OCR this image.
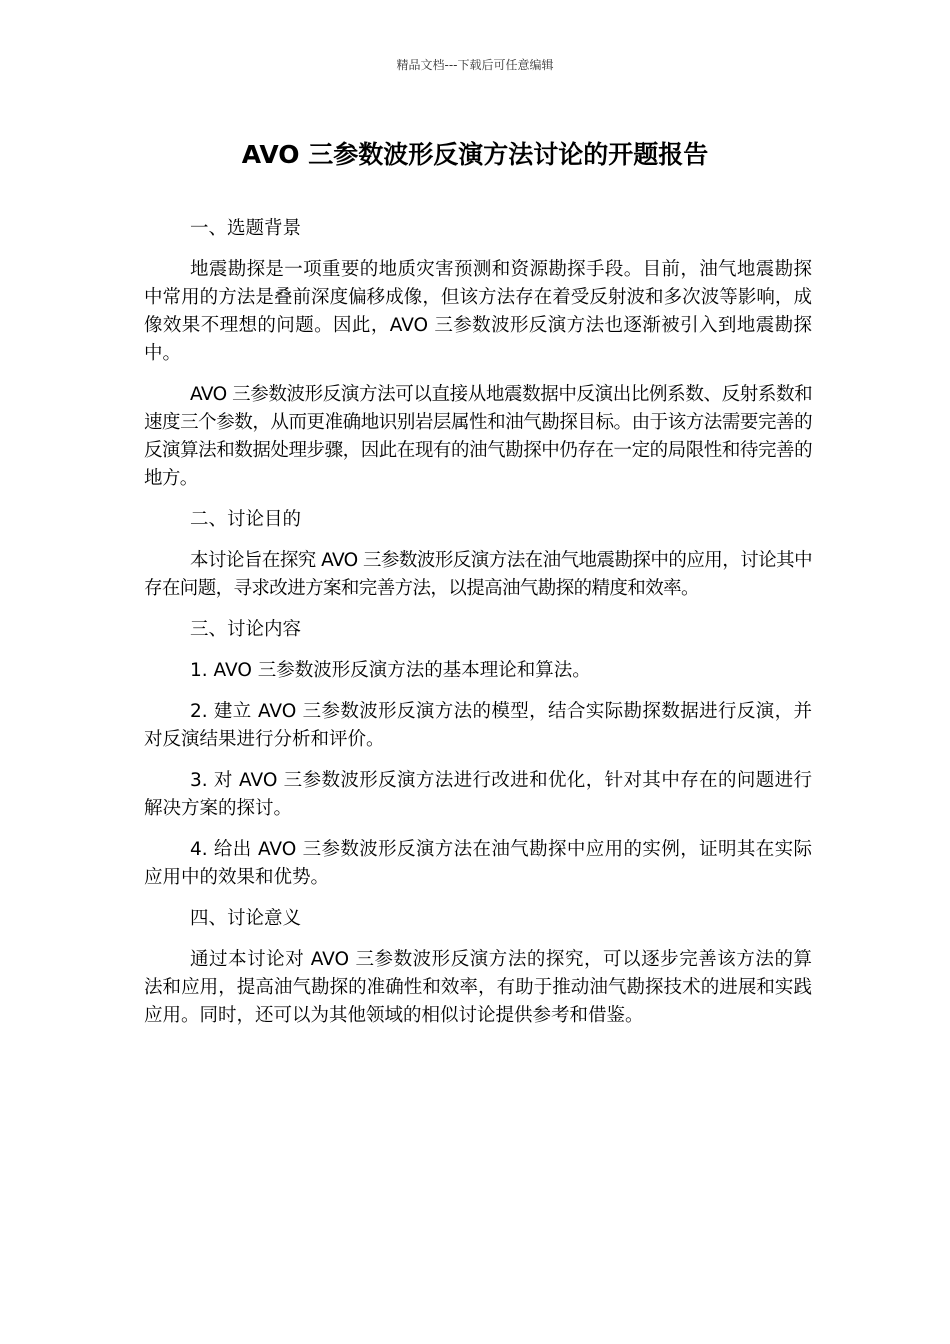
精品文档---下载后可任意编辑
AVO 三参数波形反演方法讨论的开题报告

一、选题背景

地震勘探是一项重要的地质灾害预测和资源勘探手段。目前，油气地震勘探中常用的方法是叠前深度偏移成像，但该方法存在着受反射波和多次波等影响，成像效果不理想的问题。因此，AVO 三参数波形反演方法也逐渐被引入到地震勘探中。

AVO 三参数波形反演方法可以直接从地震数据中反演出比例系数、反射系数和速度三个参数，从而更准确地识别岩层属性和油气勘探目标。由于该方法需要完善的反演算法和数据处理步骤，因此在现有的油气勘探中仍存在一定的局限性和待完善的地方。

二、讨论目的

本讨论旨在探究 AVO 三参数波形反演方法在油气地震勘探中的应用，讨论其中存在问题，寻求改进方案和完善方法，以提高油气勘探的精度和效率。

三、讨论内容

1. AVO 三参数波形反演方法的基本理论和算法。

2. 建立 AVO 三参数波形反演方法的模型，结合实际勘探数据进行反演，并对反演结果进行分析和评价。

3. 对 AVO 三参数波形反演方法进行改进和优化，针对其中存在的问题进行解决方案的探讨。

4. 给出 AVO 三参数波形反演方法在油气勘探中应用的实例，证明其在实际应用中的效果和优势。

四、讨论意义

通过本讨论对 AVO 三参数波形反演方法的探究，可以逐步完善该方法的算法和应用，提高油气勘探的准确性和效率，有助于推动油气勘探技术的进展和实践应用。同时，还可以为其他领域的相似讨论提供参考和借鉴。
